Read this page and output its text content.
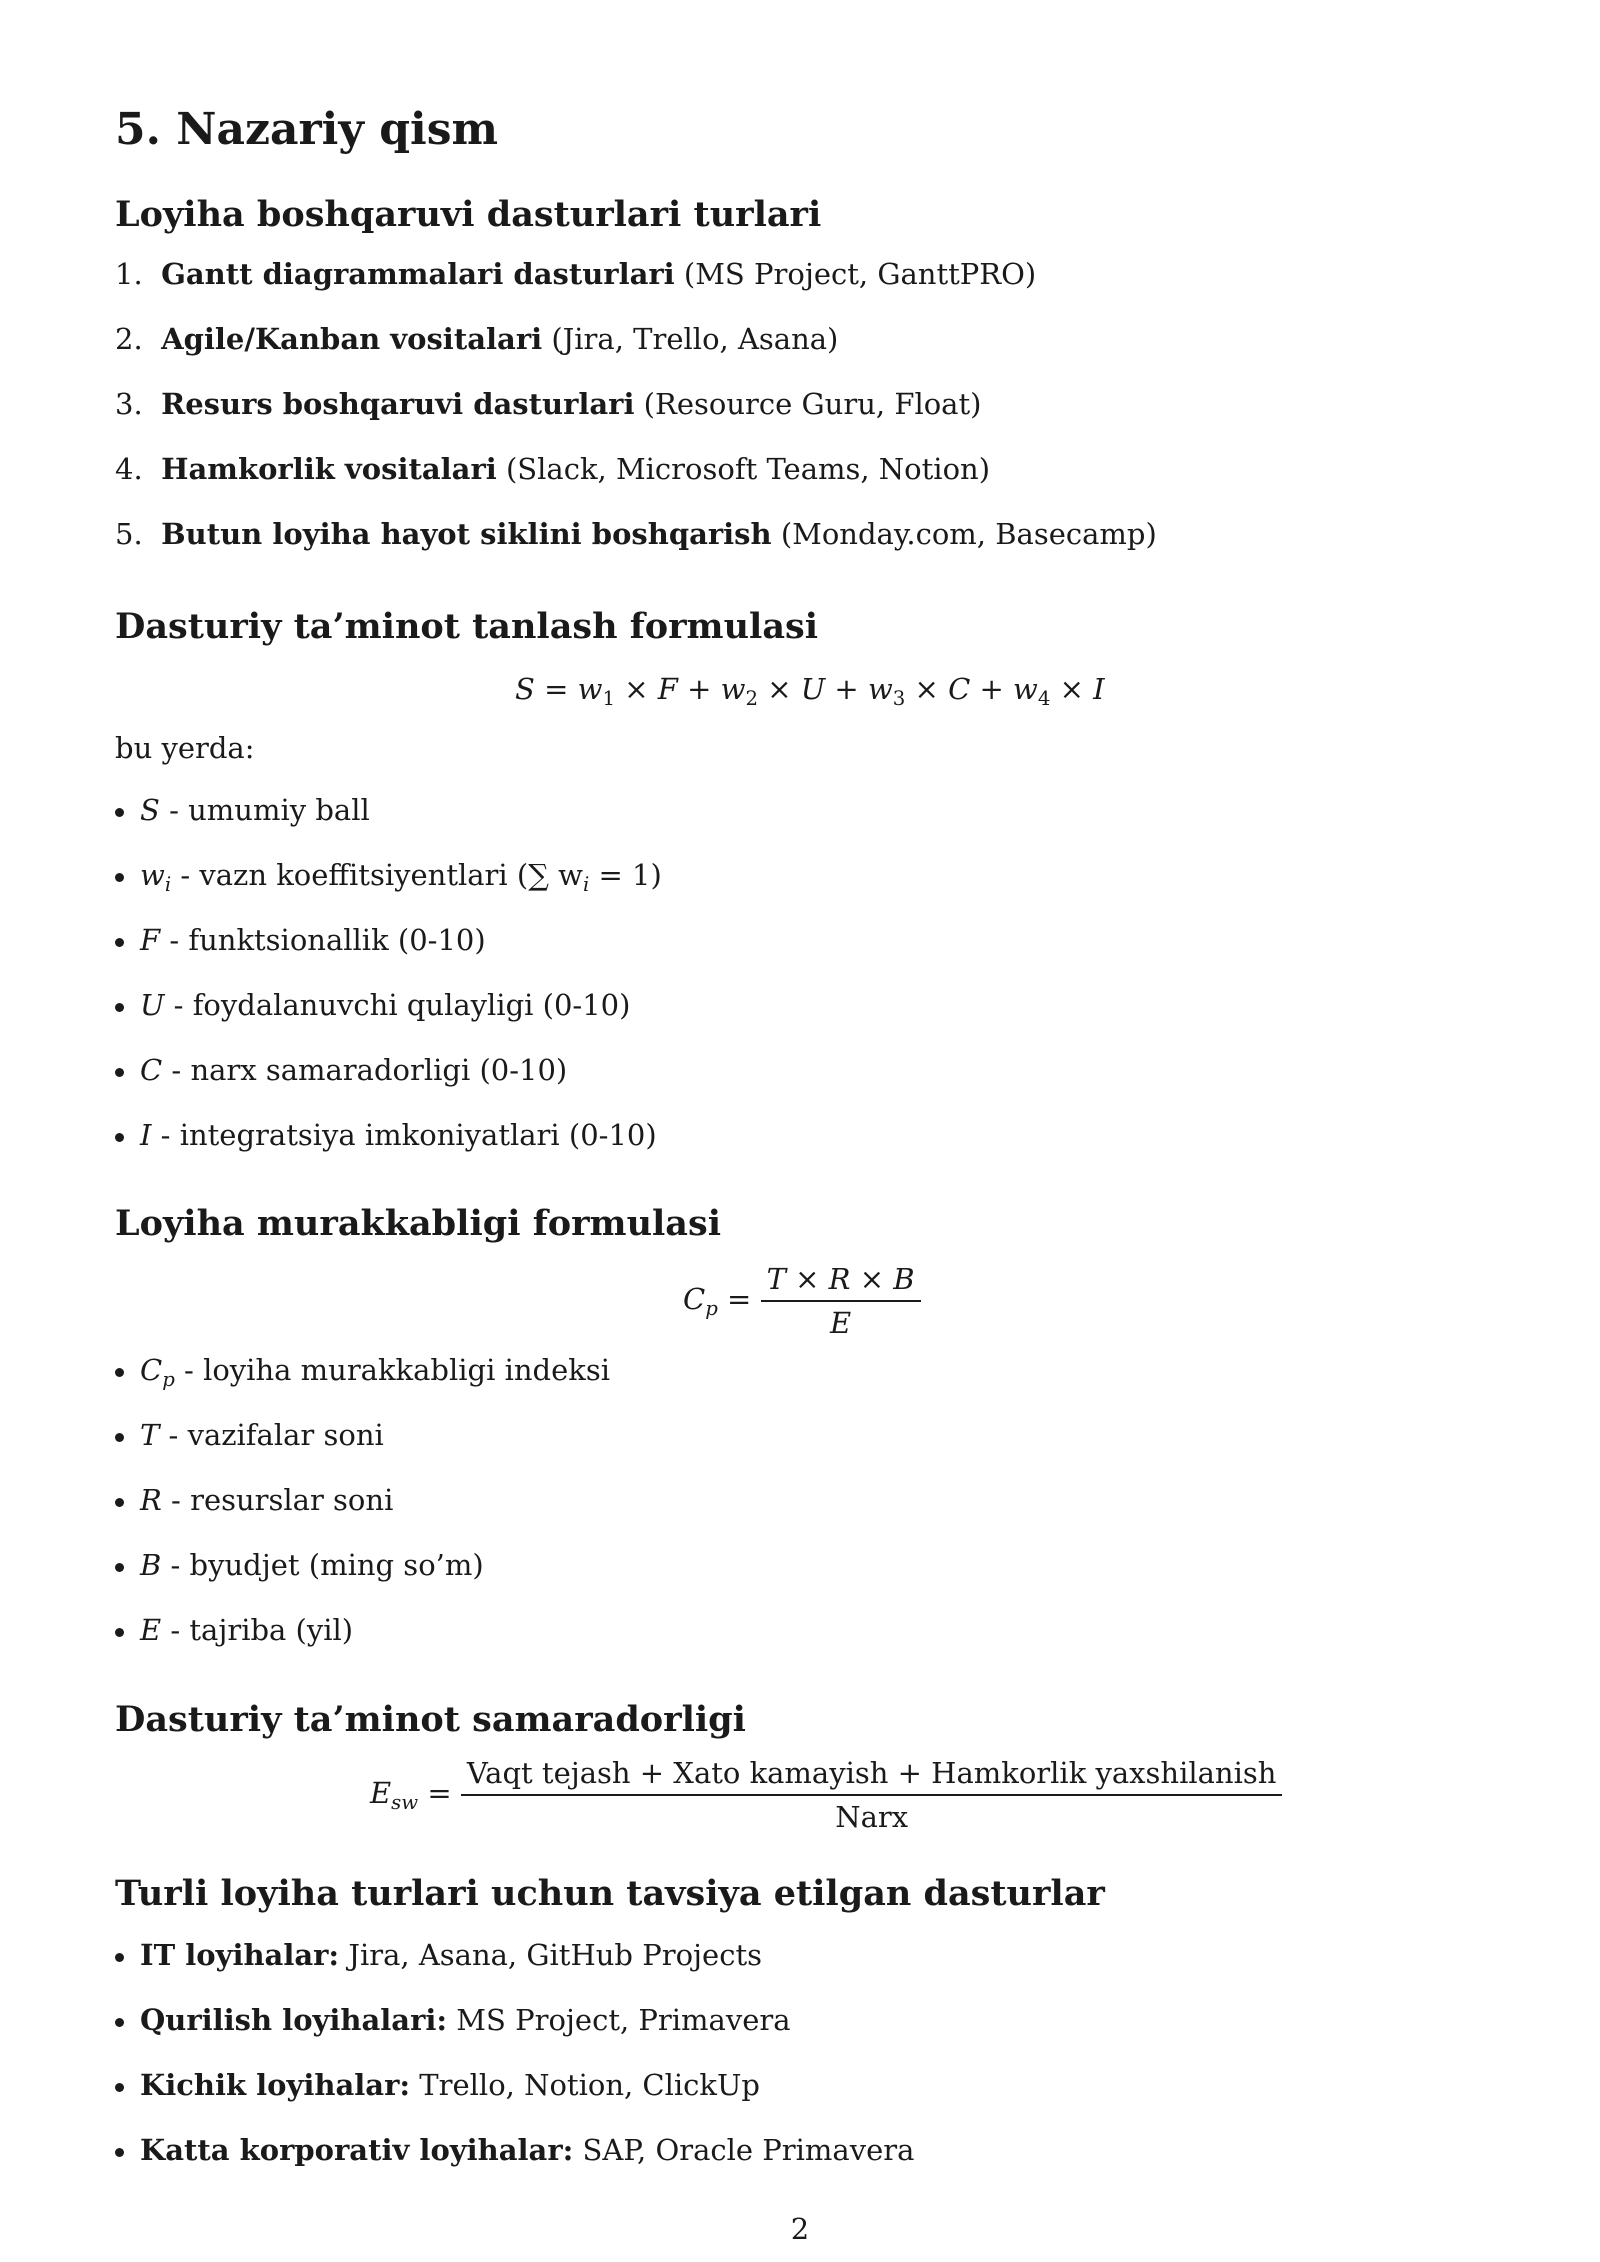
5. Nazariy qism
Loyiha boshqaruvi dasturlari turlari
1. Gantt diagrammalari dasturlari (MS Project, GanttPRO)
2. Agile/Kanban vositalari (Jira, Trello, Asana)
3. Resurs boshqaruvi dasturlari (Resource Guru, Float)
4. Hamkorlik vositalari (Slack, Microsoft Teams, Notion)
5. Butun loyiha hayot siklini boshqarish (Monday.com, Basecamp)
Dasturiy ta’minot tanlash formulasi
$S = w_1 \times F + w_2 \times U + w_3 \times C + w_4 \times I$
bu yerda:
S - umumiy ball
$w_i$ - vazn koeffitsiyentlari (∑ $w_i = 1$)
F - funktsionallik (0-10)
U - foydalanuvchi qulayligi (0-10)
C - narx samaradorligi (0-10)
I - integratsiya imkoniyatlari (0-10)
Loyiha murakkabligi formulasi
$C_p = \frac{T \times R \times B}{E}$
$C_p$ - loyiha murakkabligi indeksi
T - vazifalar soni
R - resurslar soni
B - byudjet (ming so’m)
E - tajriba (yil)
Dasturiy ta’minot samaradorligi
$E_{sw} = \frac{\text{Vaqt tejash + Xato kamayish + Hamkorlik yaxshilanish}}{\text{Narx}}$
Turli loyiha turlari uchun tavsiya etilgan dasturlar
IT loyihalar: Jira, Asana, GitHub Projects
Qurilish loyihalari: MS Project, Primavera
Kichik loyihalar: Trello, Notion, ClickUp
Katta korporativ loyihalar: SAP, Oracle Primavera
2
